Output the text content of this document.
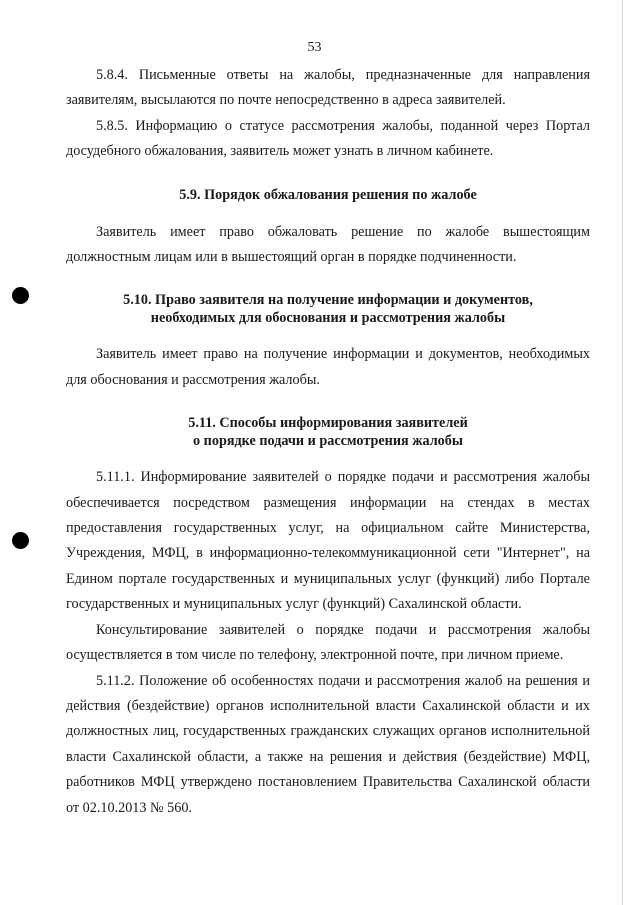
53

5.8.4. Письменные ответы на жалобы, предназначенные для направления заявителям, высылаются по почте непосредственно в адреса заявителей.

5.8.5. Информацию о статусе рассмотрения жалобы, поданной через Портал досудебного обжалования, заявитель может узнать в личном кабинете.

5.9. Порядок обжалования решения по жалобе

Заявитель имеет право обжаловать решение по жалобе вышестоящим должностным лицам или в вышестоящий орган в порядке подчиненности.

5.10. Право заявителя на получение информации и документов,
необходимых для обоснования и рассмотрения жалобы

Заявитель имеет право на получение информации и документов, необходимых для обоснования и рассмотрения жалобы.

5.11. Способы информирования заявителей
о порядке подачи и рассмотрения жалобы

5.11.1. Информирование заявителей о порядке подачи и рассмотрения жалобы обеспечивается посредством размещения информации на стендах в местах предоставления государственных услуг, на официальном сайте Министерства, Учреждения, МФЦ, в информационно-телекоммуникационной сети "Интернет", на Едином портале государственных и муниципальных услуг (функций) либо Портале государственных и муниципальных услуг (функций) Сахалинской области.

Консультирование заявителей о порядке подачи и рассмотрения жалобы осуществляется в том числе по телефону, электронной почте, при личном приеме.

5.11.2. Положение об особенностях подачи и рассмотрения жалоб на решения и действия (бездействие) органов исполнительной власти Сахалинской области и их должностных лиц, государственных гражданских служащих органов исполнительной власти Сахалинской области, а также на решения и действия (бездействие) МФЦ, работников МФЦ утверждено постановлением Правительства Сахалинской области от 02.10.2013 № 560.
